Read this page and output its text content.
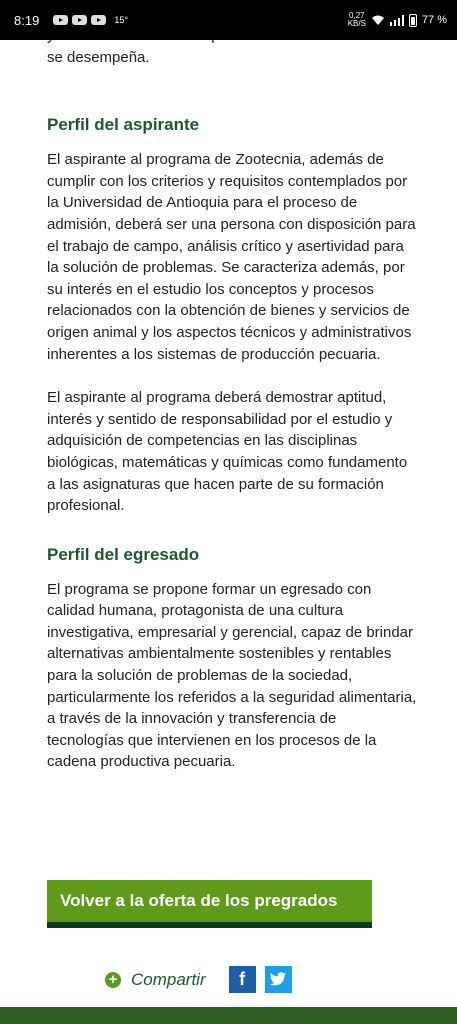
8:19	15°	0,27
KB/S	77 %

se desempeña.

Perfil del aspirante

El aspirante al programa de Zootecnia, además de cumplir con los criterios y requisitos contemplados por la Universidad de Antioquia para el proceso de admisión, deberá ser una persona con disposición para el trabajo de campo, análisis crítico y asertividad para la solución de problemas. Se caracteriza además, por su interés en el estudio los conceptos y procesos relacionados con la obtención de bienes y servicios de origen animal y los aspectos técnicos y administrativos inherentes a los sistemas de producción pecuaria.

El aspirante al programa deberá demostrar aptitud, interés y sentido de responsabilidad por el estudio y adquisición de competencias en las disciplinas biológicas, matemáticas y químicas como fundamento a las asignaturas que hacen parte de su formación profesional.

Perfil del egresado

El programa se propone formar un egresado con calidad humana, protagonista de una cultura investigativa, empresarial y gerencial, capaz de brindar alternativas ambientalmente sostenibles y rentables para la solución de problemas de la sociedad, particularmente los referidos a la seguridad alimentaria, a través de la innovación y transferencia de tecnologías que intervienen en los procesos de la cadena productiva pecuaria.

Volver a la oferta de los pregrados
+ Compartir	f
